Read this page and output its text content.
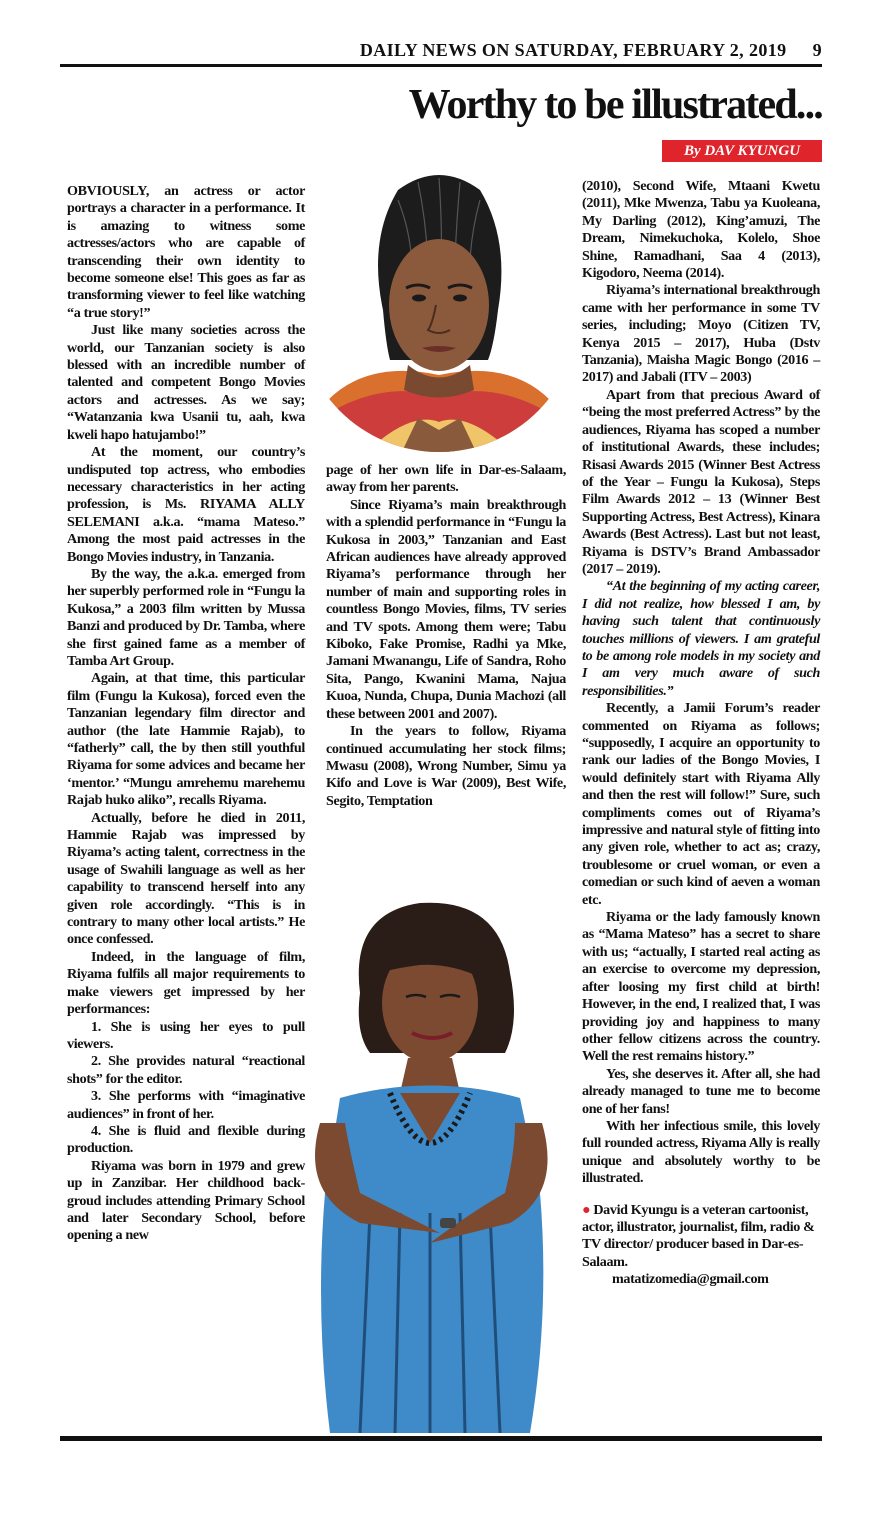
DAILY NEWS ON SATURDAY, FEBRUARY 2, 2019 9
Worthy to be illustrated...
By DAV KYUNGU

OBVIOUSLY, an actress or actor portrays a character in a performance. It is amazing to witness some actresses/actors who are capable of transcending their own identity to become someone else! This goes as far as transforming viewer to feel like watching “a true story!”

Just like many societies across the world, our Tanzanian society is also blessed with an incredible number of talented and competent Bongo Movies actors and actresses. As we say; “Watanzania kwa Usanii tu, aah, kwa kweli hapo hatujambo!”

At the moment, our country’s undisputed top actress, who embodies necessary characteristics in her acting profession, is Ms. RIYAMA ALLY SELEMANI a.k.a. “mama Mateso.” Among the most paid actresses in the Bongo Movies industry, in Tanzania.

By the way, the a.k.a. emerged from her superbly performed role in “Fungu la Kukosa,” a 2003 film written by Mussa Banzi and produced by Dr. Tamba, where she first gained fame as a member of Tamba Art Group.

Again, at that time, this particular film (Fungu la Kukosa), forced even the Tanzanian legendary film director and author (the late Hammie Rajab), to “fatherly” call, the by then still youthful Riyama for some advices and became her ‘mentor.’ “Mungu amrehemu marehemu Rajab huko aliko”, recalls Riyama.

Actually, before he died in 2011, Hammie Rajab was impressed by Riyama’s acting talent, correctness in the usage of Swahili language as well as her capability to transcend herself into any given role accordingly. “This is in contrary to many other local artists.” He once confessed.

Indeed, in the language of film, Riyama fulfils all major requirements to make viewers get impressed by her performances:

1. She is using her eyes to pull viewers.

2. She provides natural “reactional shots” for the editor.

3. She performs with “imaginative audiences” in front of her.

4. She is fluid and flexible during production.

Riyama was born in 1979 and grew up in Zanzibar. Her childhood back-groud includes attending Primary School and later Secondary School, before opening a new

page of her own life in Dar-es-Salaam, away from her parents.

Since Riyama’s main breakthrough with a splendid performance in “Fungu la Kukosa in 2003,” Tanzanian and East African audiences have already approved Riyama’s performance through her number of main and supporting roles in countless Bongo Movies, films, TV series and TV spots. Among them were; Tabu Kiboko, Fake Promise, Radhi ya Mke, Jamani Mwanangu, Life of Sandra, Roho Sita, Pango, Kwanini Mama, Najua Kuoa, Nunda, Chupa, Dunia Machozi (all these between 2001 and 2007).

In the years to follow, Riyama continued accumulating her stock films; Mwasu (2008), Wrong Number, Simu ya Kifo and Love is War (2009), Best Wife, Segito, Temptation

(2010), Second Wife, Mtaani Kwetu (2011), Mke Mwenza, Tabu ya Kuoleana, My Darling (2012), King’amuzi, The Dream, Nimekuchoka, Kolelo, Shoe Shine, Ramadhani, Saa 4 (2013), Kigodoro, Neema (2014).

Riyama’s international breakthrough came with her performance in some TV series, including; Moyo (Citizen TV, Kenya 2015 – 2017), Huba (Dstv Tanzania), Maisha Magic Bongo (2016 – 2017) and Jabali (ITV – 2003)

Apart from that precious Award of “being the most preferred Actress” by the audiences, Riyama has scoped a number of institutional Awards, these includes; Risasi Awards 2015 (Winner Best Actress of the Year – Fungu la Kukosa), Steps Film Awards 2012 – 13 (Winner Best Supporting Actress, Best Actress), Kinara Awards (Best Actress). Last but not least, Riyama is DSTV’s Brand Ambassador (2017 – 2019).

“At the beginning of my acting career, I did not realize, how blessed I am, by having such talent that continuously touches millions of viewers. I am grateful to be among role models in my society and I am very much aware of such responsibilities.”

Recently, a Jamii Forum’s reader commented on Riyama as follows; “supposedly, I acquire an opportunity to rank our ladies of the Bongo Movies, I would definitely start with Riyama Ally and then the rest will follow!” Sure, such compliments comes out of Riyama’s impressive and natural style of fitting into any given role, whether to act as; crazy, troublesome or cruel woman, or even a comedian or such kind of aeven a woman etc.

Riyama or the lady famously known as “Mama Mateso” has a secret to share with us; “actually, I started real acting as an exercise to overcome my depression, after loosing my first child at birth! However, in the end, I realized that, I was providing joy and happiness to many other fellow citizens across the country. Well the rest remains history.”

Yes, she deserves it. After all, she had already managed to tune me to become one of her fans!

With her infectious smile, this lovely full rounded actress, Riyama Ally is really unique and absolutely worthy to be illustrated.

● David Kyungu is a veteran cartoonist, actor, illustrator, journalist, film, radio & TV director/ producer based in Dar-es-Salaam.

matatizomedia@gmail.com
